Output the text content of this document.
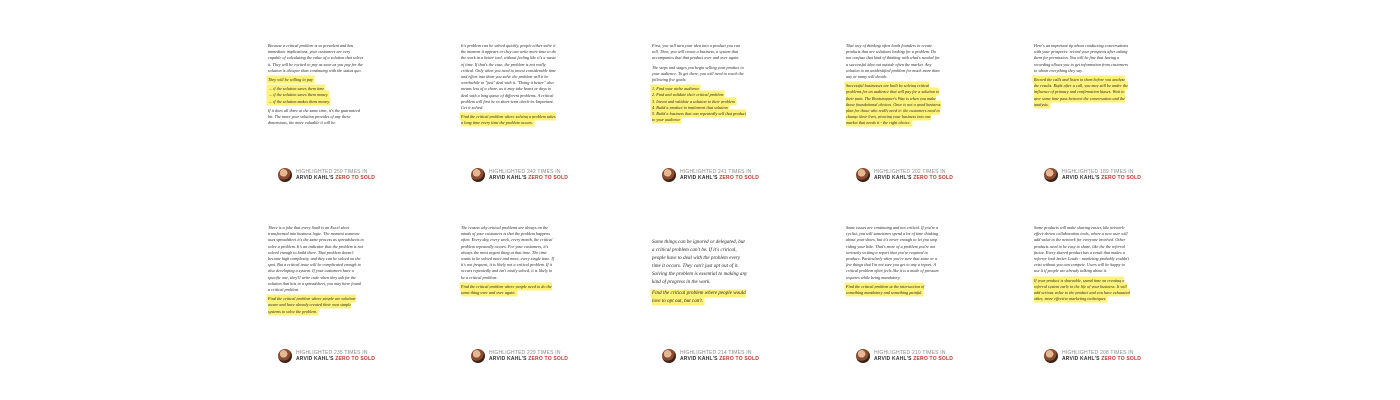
Because a critical problem is so prevalent and has immediate implications, your customers are very capable of calculating the value of a solution that solves it. They will be excited to pay as soon as you pay for the solution is cheaper than continuing with the status quo.

They will be willing to pay

→ if the solution saves them time
→ if the solution saves them money
→ if the solution makes them money

If it does all three at the same time, it's the guaranteed hit. The more your solution provides of any these dimensions, the more valuable it will be.

HIGHLIGHTED 259 TIMES IN
ARVID KAHL'S ZERO TO SOLD

It's problem can be solved quickly, people either solve it the moment it appears or they can write more time to do the work in a better tool, without feeling like it's a waste of time. If that's the case, the problem is not really critical. Only when you need to invest considerable time and effort into them you solve the problem will it be worthwhile to "just" deal with it. "Doing it better" also means less of a chore, as it may take hours or days to deal with a long queue of different problems. A critical problem will first be in short-term check-in. Important. Get it solved.

Find the critical problem where solving a problem takes a long time every time the problem occurs.

HIGHLIGHTED 242 TIMES IN
ARVID KAHL'S ZERO TO SOLD

First, you will turn your idea into a product you can sell. Then, you will create a business, a system that accompanies that that product over and over again.

The steps and stages you begin selling your product to your audience. To get there, you will need to reach the following five goals:

1. Find your niche audience
2. Find and validate their critical problem
3. Invent and validate a solution to their problem
4. Build a product to implement that solution
5. Build a business that can repeatedly sell that product to your audience
HIGHLIGHTED 241 TIMES IN
ARVID KAHL'S ZERO TO SOLD

That way of thinking often leads founders to create products that are solutions looking for a problem. Do not confuse that kind of thinking with what's needed for a successful idea out outside often the market. Any solution to an unidentified problem for much more than any or many will decide.

Successful businesses are built by solving critical problems for an audience that will pay for a solution to their pain. The Bootstrapper's Way is when you make those foundational choices. Once is not a good business plan for those who really need it: the customers need to change their lives, pivoting your business into one market that needs it - the right choice.

HIGHLIGHTED 202 TIMES IN
ARVID KAHL'S ZERO TO SOLD

Here's an important tip about conducting conversations with your prospects: record your prospects after asking them for permission. You will be fine that having a recording allows you to get information from customers to whom everything they say.

Record the calls and listen to them before you analyze the results. Right after a call, you may still be under the influence of primacy and confirmation biases. Wait to give some time pass between the conversation and the analysis.

HIGHLIGHTED 189 TIMES IN
ARVID KAHL'S ZERO TO SOLD

There is a joke that every SaaS is an Excel sheet transformed into business logic. The moment someone uses spreadsheet it's the same process as spreadsheets to solve a problem. It's an indicator that the problem is not solved enough to build there. That problem doesn't become high complexity, and they can be solved on the spot. But a critical issue will be complicated enough to also developing a system. If your customers have a specific one, they'll write code when they ask for the solution that hits in a spreadsheet, you may have found a critical problem.

Find the critical problem where people are solution-aware and have already created their own simple systems to solve the problem.

HIGHLIGHTED 235 TIMES IN
ARVID KAHL'S ZERO TO SOLD

The reason why critical problems are always on the minds of your customers is that the problem happens often. Every day, every week, every month, the critical problem repeatedly occurs. For your customers, it's always the most urgent thing at that time. The time wants to be solved more and more, every single time. If it's not frequent, it is likely not a critical problem. If it occurs repeatedly and isn't easily solved, it is likely to be a critical problem.

Find the critical problem where people need to do the same thing over and over again.

HIGHLIGHTED 229 TIMES IN
ARVID KAHL'S ZERO TO SOLD

Some things can be ignored or delegated, but a critical problem can't be. If it's critical, people have to deal with the problem every time it occurs. They can't just opt out of it. Solving the problem is essential to making any kind of progress in the work.

Find the critical problem where people would love to opt out, but can't.

HIGHLIGHTED 214 TIMES IN
ARVID KAHL'S ZERO TO SOLD

Some issues are continuing and not critical. If you're a cyclist, you will sometimes spend a lot of time thinking about your shoes, but it's never enough to let you stop riding your bike. That's more of a problem you're not seriously writing a report that you're required to produce. Particularly when you're sure that some or a few things that I'm not sure you get to any a report. A critical problem often feels like it is a mode of pressure requires while being mandatory.

Find the critical problem at the intersection of something mandatory and something painful.

HIGHLIGHTED 210 TIMES IN
ARVID KAHL'S ZERO TO SOLD

Some products will make sharing easier, like network-effect-driven collaboration tools, where a new user will add value to the network for everyone involved. Other products need to be easy to share, like the the referral factor. Every shared product has a result that makes a referrer look better. Leads - marketing probably couldn't exist without you can compete. Users will be happy to use it if people are already talking about it.

If your product is shareable, spend time on creating a referral system early in the life of your business. It will add serious value to the product and you have exhausted other, more effective marketing techniques.

HIGHLIGHTED 208 TIMES IN
ARVID KAHL'S ZERO TO SOLD
